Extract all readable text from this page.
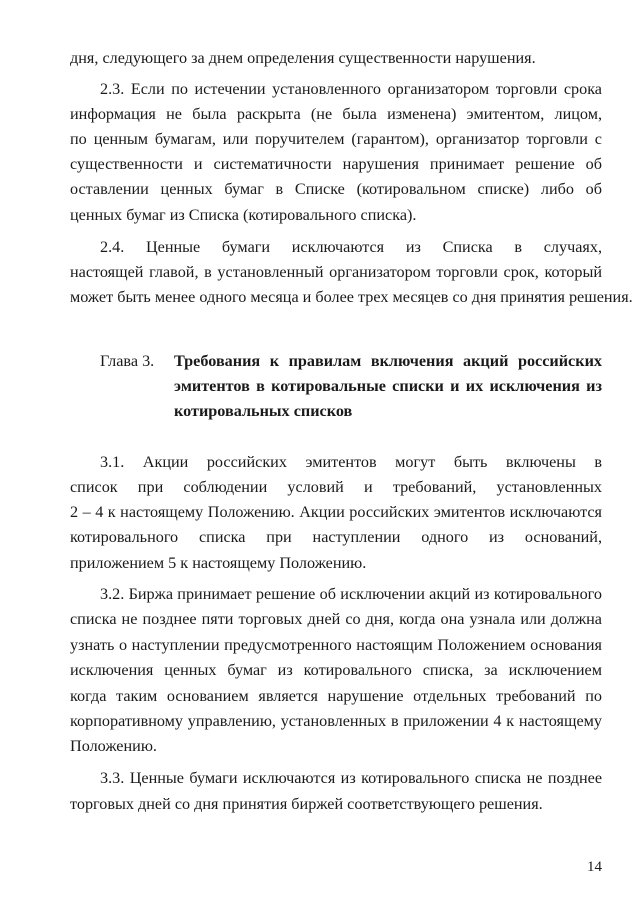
дня, следующего за днем определения существенности нарушения.
2.3. Если по истечении установленного организатором торговли срока
информация не была раскрыта (не была изменена) эмитентом, лицом,
по ценным бумагам, или поручителем (гарантом), организатор торговли с
существенности и систематичности нарушения принимает решение об
оставлении ценных бумаг в Списке (котировальном списке) либо об
ценных бумаг из Списка (котировального списка).
2.4. Ценные бумаги исключаются из Списка в случаях,
настоящей главой, в установленный организатором торговли срок, который
может быть менее одного месяца и более трех месяцев со дня принятия решения.
Глава 3. Требования к правилам включения акций российских
эмитентов в котировальные списки и их исключения из
котировальных списков
3.1. Акции российских эмитентов могут быть включены в
список при соблюдении условий и требований, установленных
2 – 4 к настоящему Положению. Акции российских эмитентов исключаются
котировального списка при наступлении одного из оснований,
приложением 5 к настоящему Положению.
3.2. Биржа принимает решение об исключении акций из котировального
списка не позднее пяти торговых дней со дня, когда она узнала или должна
узнать о наступлении предусмотренного настоящим Положением основания
исключения ценных бумаг из котировального списка, за исключением
когда таким основанием является нарушение отдельных требований по
корпоративному управлению, установленных в приложении 4 к настоящему
Положению.
3.3. Ценные бумаги исключаются из котировального списка не позднее
торговых дней со дня принятия биржей соответствующего решения.
14
